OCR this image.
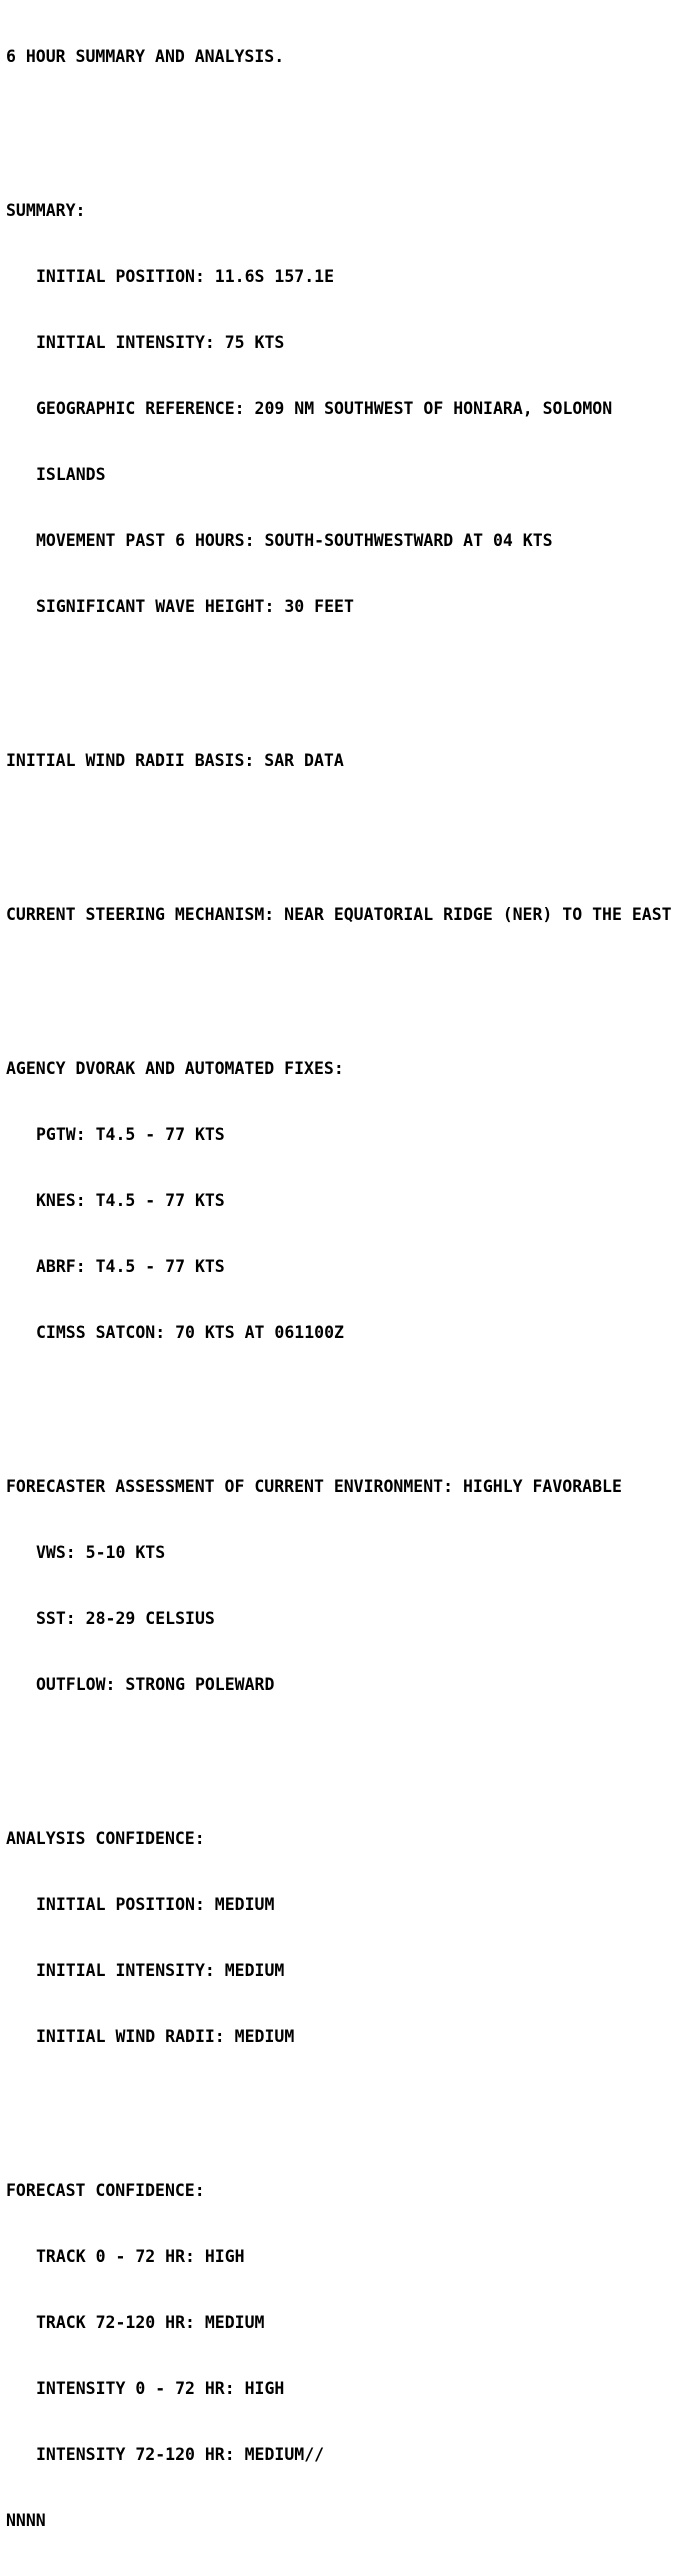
6 HOUR SUMMARY AND ANALYSIS.

SUMMARY:

INITIAL POSITION: 11.6S 157.1E

INITIAL INTENSITY: 75 KTS

GEOGRAPHIC REFERENCE: 209 NM SOUTHWEST OF HONIARA, SOLOMON

ISLANDS

MOVEMENT PAST 6 HOURS: SOUTH-SOUTHWESTWARD AT 04 KTS

SIGNIFICANT WAVE HEIGHT: 30 FEET

INITIAL WIND RADII BASIS: SAR DATA

CURRENT STEERING MECHANISM: NEAR EQUATORIAL RIDGE (NER) TO THE EAST

AGENCY DVORAK AND AUTOMATED FIXES:

PGTW: T4.5 - 77 KTS

KNES: T4.5 - 77 KTS

ABRF: T4.5 - 77 KTS

CIMSS SATCON: 70 KTS AT 061100Z

FORECASTER ASSESSMENT OF CURRENT ENVIRONMENT: HIGHLY FAVORABLE

VWS: 5-10 KTS

SST: 28-29 CELSIUS

OUTFLOW: STRONG POLEWARD

ANALYSIS CONFIDENCE:

INITIAL POSITION: MEDIUM

INITIAL INTENSITY: MEDIUM

INITIAL WIND RADII: MEDIUM

FORECAST CONFIDENCE:

TRACK 0 - 72 HR: HIGH

TRACK 72-120 HR: MEDIUM

INTENSITY 0 - 72 HR: HIGH

INTENSITY 72-120 HR: MEDIUM//

NNNN
